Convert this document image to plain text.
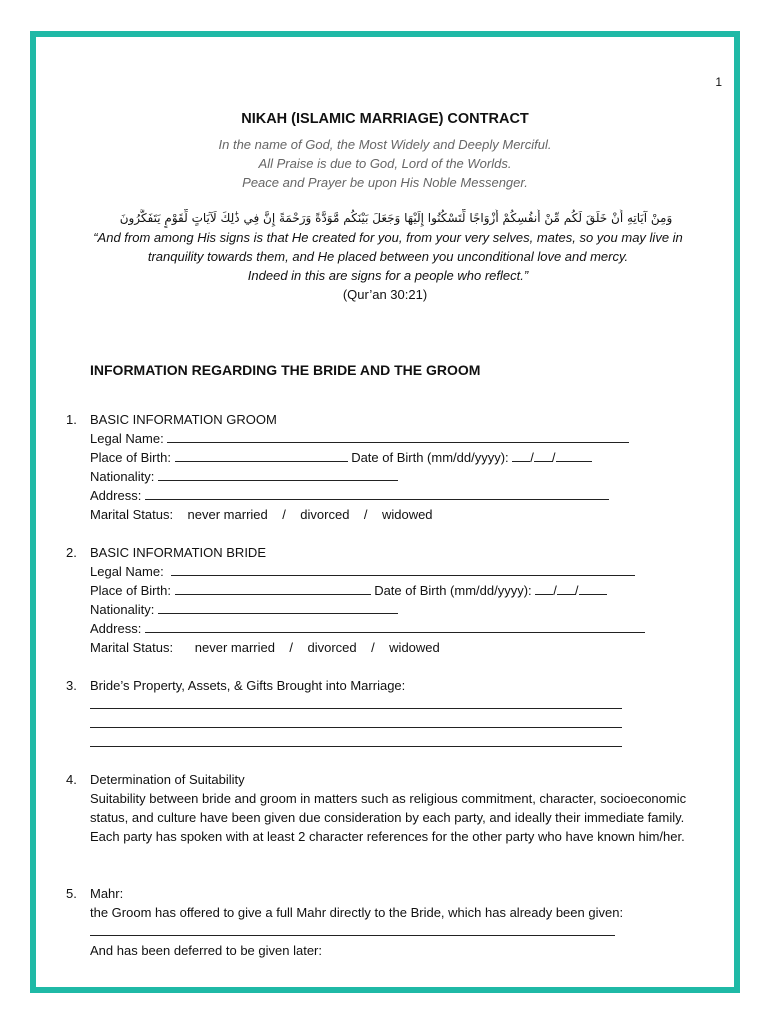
1
NIKAH (ISLAMIC MARRIAGE) CONTRACT
In the name of God, the Most Widely and Deeply Merciful.
All Praise is due to God, Lord of the Worlds.
Peace and Prayer be upon His Noble Messenger.
وَمِنْ آيَاتِهِ أَنْ خَلَقَ لَكُم مِّنْ أَنفُسِكُمْ أَزْوَاجًا لِّتَسْكُنُوا إِلَيْهَا وَجَعَلَ بَيْنَكُم مَّوَدَّةً وَرَحْمَةً إِنَّ فِي ذَٰلِكَ لَآيَاتٍ لِّقَوْمٍ يَتَفَكَّرُونَ
“And from among His signs is that He created for you, from your very selves, mates, so you may live in
tranquility towards them, and He placed between you unconditional love and mercy.
Indeed in this are signs for a people who reflect.”
(Qur’an 30:21)
INFORMATION REGARDING THE BRIDE AND THE GROOM
1.	BASIC INFORMATION GROOM
Legal Name:
Place of Birth:	Date of Birth (mm/dd/yyyy): / /
Nationality:
Address:
Marital Status: never married / divorced / widowed
2.	BASIC INFORMATION BRIDE
Legal Name:
Place of Birth:	Date of Birth (mm/dd/yyyy): / /
Nationality:
Address:
Marital Status: never married / divorced / widowed
3.	Bride’s Property, Assets, & Gifts Brought into Marriage:
4.	Determination of Suitability
Suitability between bride and groom in matters such as religious commitment, character, socioeconomic status, and culture have been given due consideration by each party, and ideally their immediate family. Each party has spoken with at least 2 character references for the other party who have known him/her.
5.	Mahr:
the Groom has offered to give a full Mahr directly to the Bride, which has already been given:
And has been deferred to be given later:
